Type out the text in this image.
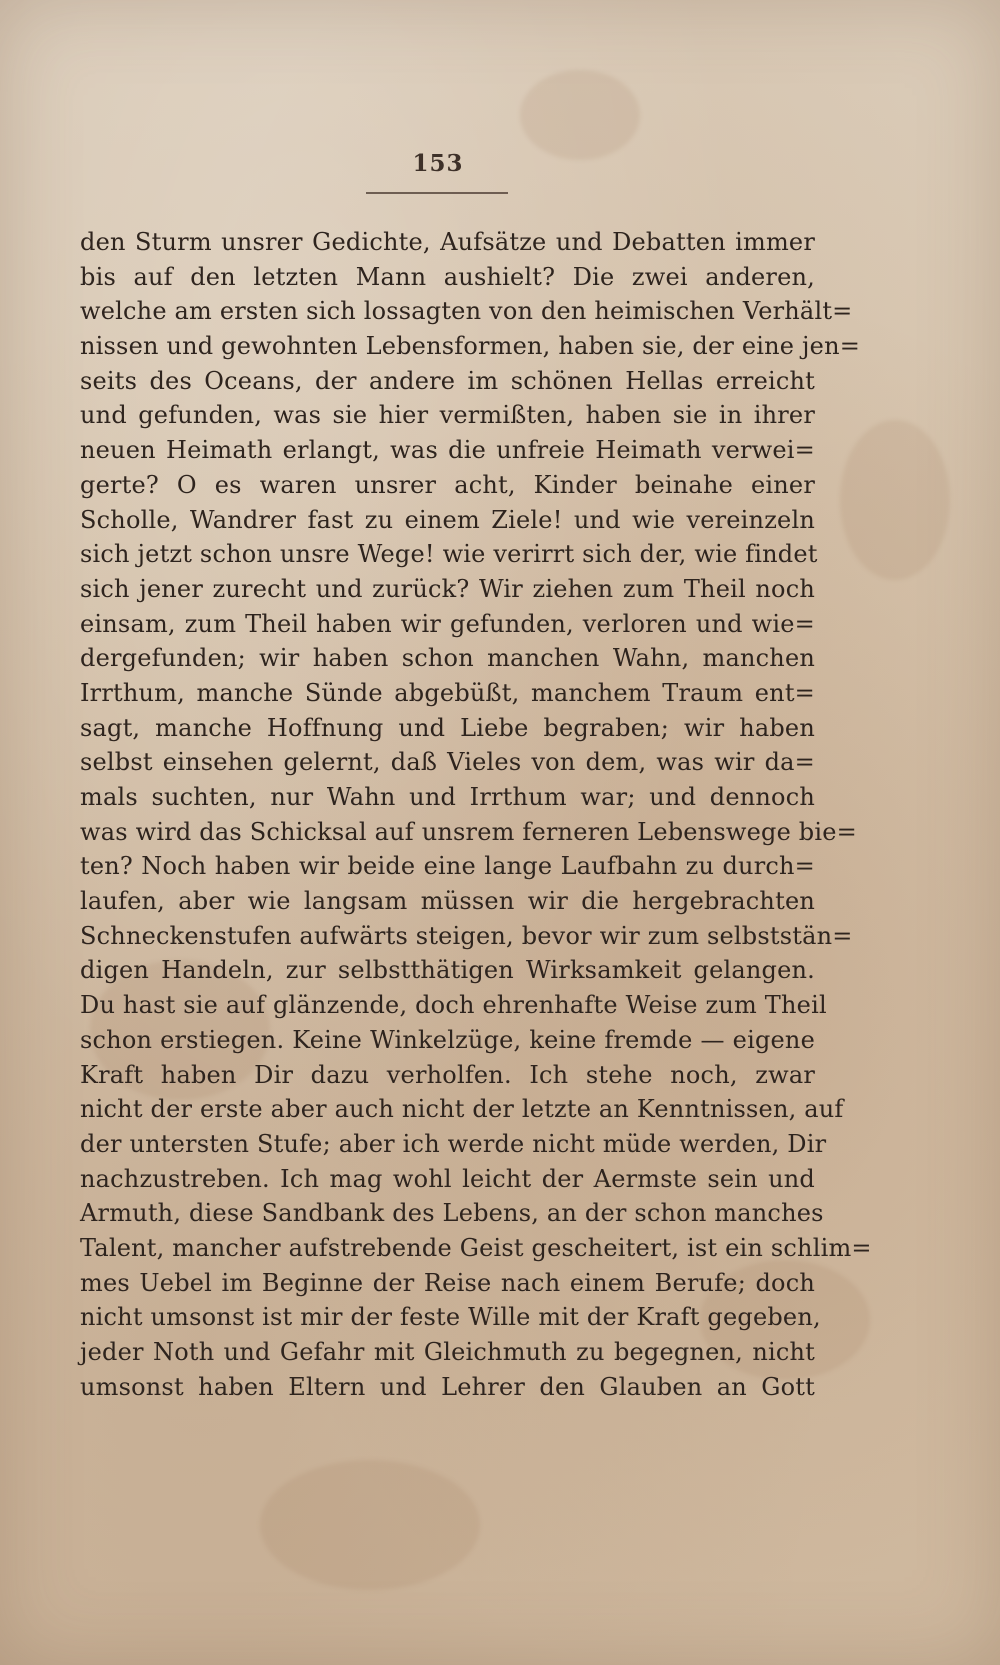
153
den Sturm unsrer Gedichte, Aufsätze und Debatten immer
bis auf den letzten Mann aushielt? Die zwei anderen,
welche am ersten sich lossagten von den heimischen Verhält=
nissen und gewohnten Lebensformen, haben sie, der eine jen=
seits des Oceans, der andere im schönen Hellas erreicht
und gefunden, was sie hier vermißten, haben sie in ihrer
neuen Heimath erlangt, was die unfreie Heimath verwei=
gerte? O es waren unsrer acht, Kinder beinahe einer
Scholle, Wandrer fast zu einem Ziele! und wie vereinzeln
sich jetzt schon unsre Wege! wie verirrt sich der, wie findet
sich jener zurecht und zurück? Wir ziehen zum Theil noch
einsam, zum Theil haben wir gefunden, verloren und wie=
dergefunden; wir haben schon manchen Wahn, manchen
Irrthum, manche Sünde abgebüßt, manchem Traum ent=
sagt, manche Hoffnung und Liebe begraben; wir haben
selbst einsehen gelernt, daß Vieles von dem, was wir da=
mals suchten, nur Wahn und Irrthum war; und dennoch
was wird das Schicksal auf unsrem ferneren Lebenswege bie=
ten? Noch haben wir beide eine lange Laufbahn zu durch=
laufen, aber wie langsam müssen wir die hergebrachten
Schneckenstufen aufwärts steigen, bevor wir zum selbststän=
digen Handeln, zur selbstthätigen Wirksamkeit gelangen.
Du hast sie auf glänzende, doch ehrenhafte Weise zum Theil
schon erstiegen. Keine Winkelzüge, keine fremde — eigene
Kraft haben Dir dazu verholfen. Ich stehe noch, zwar
nicht der erste aber auch nicht der letzte an Kenntnissen, auf
der untersten Stufe; aber ich werde nicht müde werden, Dir
nachzustreben. Ich mag wohl leicht der Aermste sein und
Armuth, diese Sandbank des Lebens, an der schon manches
Talent, mancher aufstrebende Geist gescheitert, ist ein schlim=
mes Uebel im Beginne der Reise nach einem Berufe; doch
nicht umsonst ist mir der feste Wille mit der Kraft gegeben,
jeder Noth und Gefahr mit Gleichmuth zu begegnen, nicht
umsonst haben Eltern und Lehrer den Glauben an Gott
